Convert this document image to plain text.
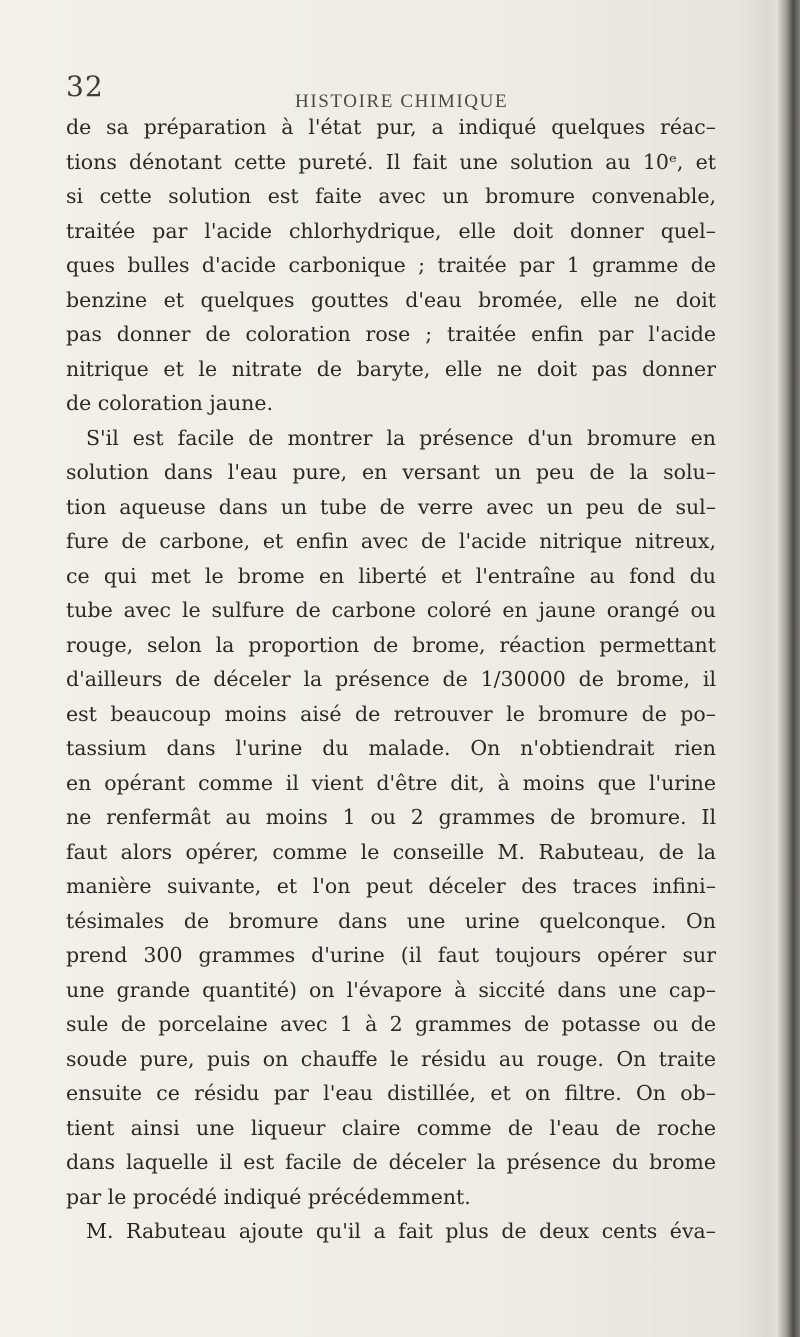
32	HISTOIRE CHIMIQUE

de sa préparation à l'état pur, a indiqué quelques réac–
tions dénotant cette pureté. Il fait une solution au 10ᵉ, et
si cette solution est faite avec un bromure convenable,
traitée par l'acide chlorhydrique, elle doit donner quel–
ques bulles d'acide carbonique ; traitée par 1 gramme de
benzine et quelques gouttes d'eau bromée, elle ne doit
pas donner de coloration rose ; traitée enfin par l'acide
nitrique et le nitrate de baryte, elle ne doit pas donner
de coloration jaune.
S'il est facile de montrer la présence d'un bromure en
solution dans l'eau pure, en versant un peu de la solu–
tion aqueuse dans un tube de verre avec un peu de sul–
fure de carbone, et enfin avec de l'acide nitrique nitreux,
ce qui met le brome en liberté et l'entraîne au fond du
tube avec le sulfure de carbone coloré en jaune orangé ou
rouge, selon la proportion de brome, réaction permettant
d'ailleurs de déceler la présence de 1/30000 de brome, il
est beaucoup moins aisé de retrouver le bromure de po–
tassium dans l'urine du malade. On n'obtiendrait rien
en opérant comme il vient d'être dit, à moins que l'urine
ne renfermât au moins 1 ou 2 grammes de bromure. Il
faut alors opérer, comme le conseille M. Rabuteau, de la
manière suivante, et l'on peut déceler des traces infini–
tésimales de bromure dans une urine quelconque. On
prend 300 grammes d'urine (il faut toujours opérer sur
une grande quantité) on l'évapore à siccité dans une cap–
sule de porcelaine avec 1 à 2 grammes de potasse ou de
soude pure, puis on chauffe le résidu au rouge. On traite
ensuite ce résidu par l'eau distillée, et on filtre. On ob–
tient ainsi une liqueur claire comme de l'eau de roche
dans laquelle il est facile de déceler la présence du brome
par le procédé indiqué précédemment.
M. Rabuteau ajoute qu'il a fait plus de deux cents éva–
